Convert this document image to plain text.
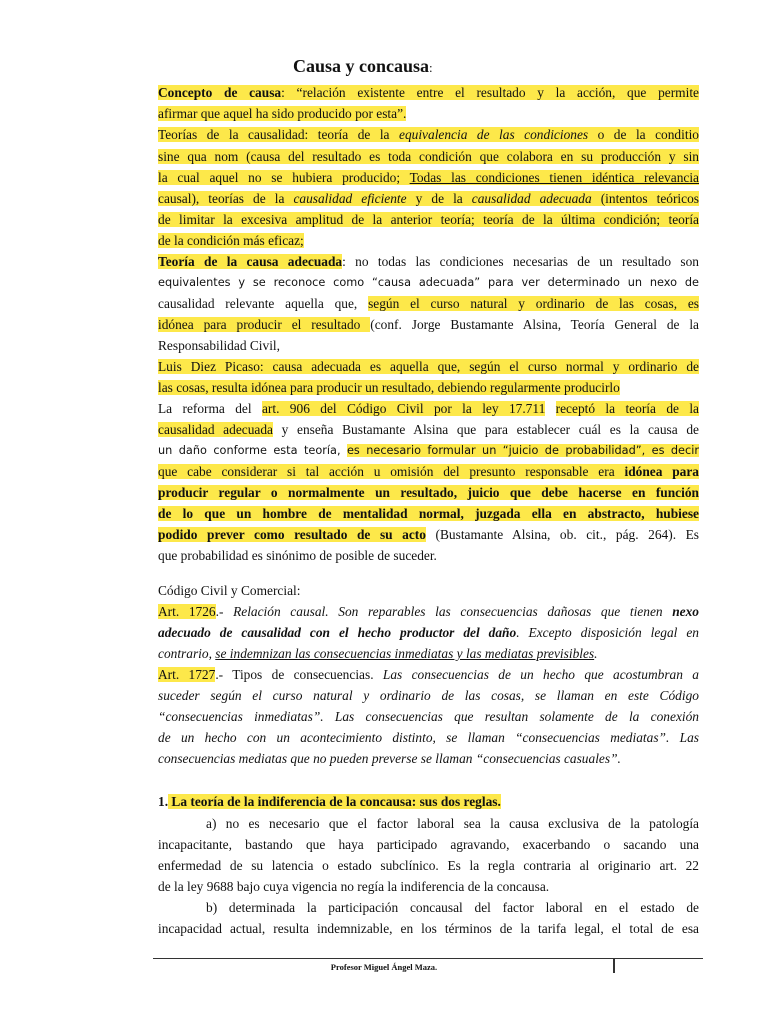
Causa y concausa:
Concepto de causa: “relación existente entre el resultado y la acción, que permite
afirmar que aquel ha sido producido por esta”.
Teorías de la causalidad: teoría de la equivalencia de las condiciones o de la conditio
sine qua nom (causa del resultado es toda condición que colabora en su producción y sin
la cual aquel no se hubiera producido; Todas las condiciones tienen idéntica relevancia
causal), teorías de la causalidad eficiente y de la causalidad adecuada (intentos teóricos
de limitar la excesiva amplitud de la anterior teoría; teoría de la última condición; teoría
de la condición más eficaz;
Teoría de la causa adecuada: no todas las condiciones necesarias de un resultado son
equivalentes y se reconoce como “causa adecuada” para ver determinado un nexo de
causalidad relevante aquella que, según el curso natural y ordinario de las cosas, es
idónea para producir el resultado (conf. Jorge Bustamante Alsina, Teoría General de la
Responsabilidad Civil,
Luis Diez Picaso: causa adecuada es aquella que, según el curso normal y ordinario de
las cosas, resulta idónea para producir un resultado, debiendo regularmente producirlo
La reforma del art. 906 del Código Civil por la ley 17.711 receptó la teoría de la
causalidad adecuada y enseña Bustamante Alsina que para establecer cuál es la causa de
un daño conforme esta teoría, es necesario formular un “juicio de probabilidad”, es decir
que cabe considerar si tal acción u omisión del presunto responsable era idónea para
producir regular o normalmente un resultado, juicio que debe hacerse en función
de lo que un hombre de mentalidad normal, juzgada ella en abstracto, hubiese
podido prever como resultado de su acto (Bustamante Alsina, ob. cit., pág. 264). Es
que probabilidad es sinónimo de posible de suceder.
Código Civil y Comercial:
Art. 1726.- Relación causal. Son reparables las consecuencias dañosas que tienen nexo
adecuado de causalidad con el hecho productor del daño. Excepto disposición legal en
contrario, se indemnizan las consecuencias inmediatas y las mediatas previsibles.
Art. 1727.- Tipos de consecuencias. Las consecuencias de un hecho que acostumbran a
suceder según el curso natural y ordinario de las cosas, se llaman en este Código
“consecuencias inmediatas”. Las consecuencias que resultan solamente de la conexión
de un hecho con un acontecimiento distinto, se llaman “consecuencias mediatas”. Las
consecuencias mediatas que no pueden preverse se llaman “consecuencias casuales”.
1. La teoría de la indiferencia de la concausa: sus dos reglas.
a) no es necesario que el factor laboral sea la causa exclusiva de la patología
incapacitante, bastando que haya participado agravando, exacerbando o sacando una
enfermedad de su latencia o estado subclínico. Es la regla contraria al originario art. 22
de la ley 9688 bajo cuya vigencia no regía la indiferencia de la concausa.
b) determinada la participación concausal del factor laboral en el estado de
incapacidad actual, resulta indemnizable, en los términos de la tarifa legal, el total de esa
Profesor Miguel Ángel Maza.
